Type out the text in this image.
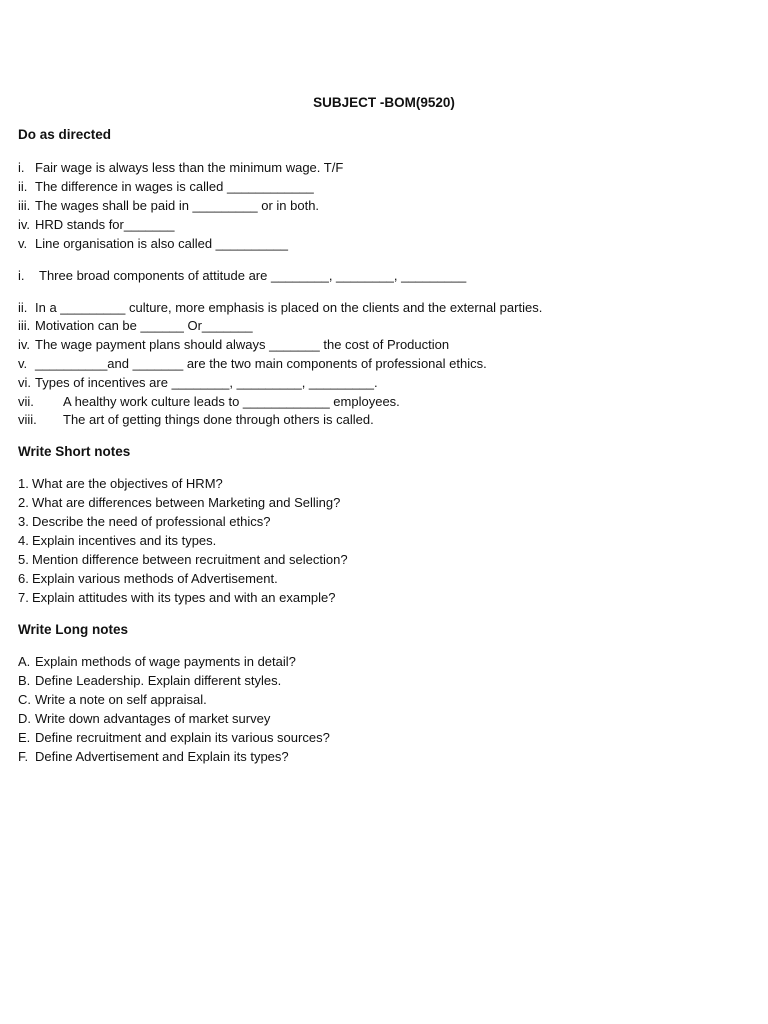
SUBJECT -BOM(9520)
Do as directed
i. Fair wage is always less than the minimum wage. T/F
ii. The difference in wages is called ____________
iii. The wages shall be paid in _________ or in both.
iv. HRD stands for_______
v. Line organisation is also called __________
i. Three broad components of attitude are ________, ________, _________
ii. In a _________ culture, more emphasis is placed on the clients and the external parties.
iii. Motivation can be ______ Or_______
iv. The wage payment plans should always _______ the cost of Production
v. __________and _______ are the two main components of professional ethics.
vi. Types of incentives are ________, _________, _________.
vii. A healthy work culture leads to ____________ employees.
viii. The art of getting things done through others is called.
Write Short notes
1. What are the objectives of HRM?
2. What are differences between Marketing and Selling?
3. Describe the need of professional ethics?
4. Explain incentives and its types.
5. Mention difference between recruitment and selection?
6. Explain various methods of Advertisement.
7. Explain attitudes with its types and with an example?
Write Long notes
A. Explain methods of wage payments in detail?
B. Define Leadership. Explain different styles.
C. Write a note on self appraisal.
D. Write down advantages of market survey
E. Define recruitment and explain its various sources?
F. Define Advertisement and Explain its types?
